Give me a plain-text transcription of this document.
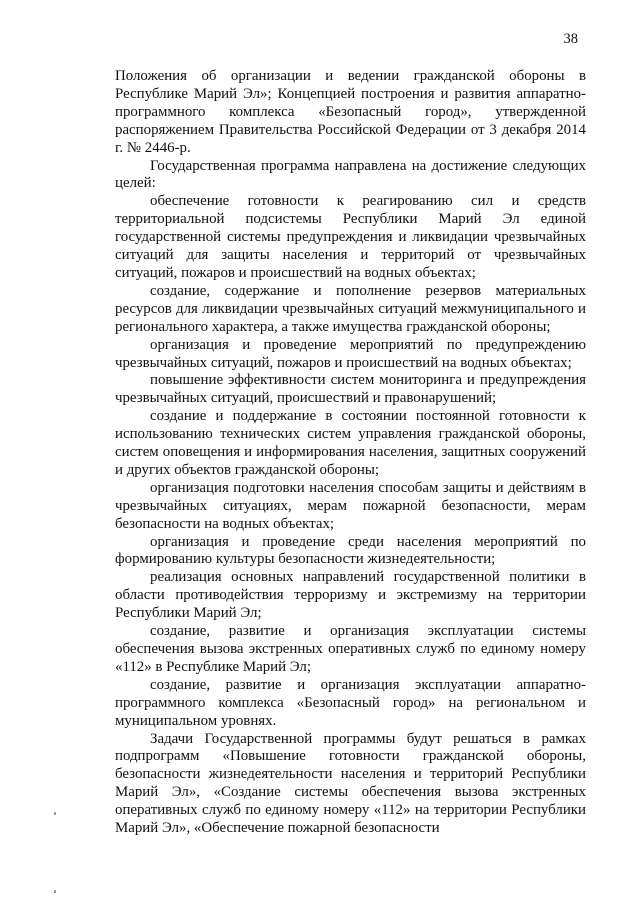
38

Положения об организации и ведении гражданской обороны в Республике Марий Эл»; Концепцией построения и развития аппаратно-программного комплекса «Безопасный город», утвержденной распоряжением Правительства Российской Федерации от 3 декабря 2014 г. № 2446-р.

Государственная программа направлена на достижение следующих целей:

обеспечение готовности к реагированию сил и средств территориальной подсистемы Республики Марий Эл единой государственной системы предупреждения и ликвидации чрезвычайных ситуаций для защиты населения и территорий от чрезвычайных ситуаций, пожаров и происшествий на водных объектах;

создание, содержание и пополнение резервов материальных ресурсов для ликвидации чрезвычайных ситуаций межмуниципального и регионального характера, а также имущества гражданской обороны;

организация и проведение мероприятий по предупреждению чрезвычайных ситуаций, пожаров и происшествий на водных объектах;

повышение эффективности систем мониторинга и предупреждения чрезвычайных ситуаций, происшествий и правонарушений;

создание и поддержание в состоянии постоянной готовности к использованию технических систем управления гражданской обороны, систем оповещения и информирования населения, защитных сооружений и других объектов гражданской обороны;

организация подготовки населения способам защиты и действиям в чрезвычайных ситуациях, мерам пожарной безопасности, мерам безопасности на водных объектах;

организация и проведение среди населения мероприятий по формированию культуры безопасности жизнедеятельности;

реализация основных направлений государственной политики в области противодействия терроризму и экстремизму на территории Республики Марий Эл;

создание, развитие и организация эксплуатации системы обеспечения вызова экстренных оперативных служб по единому номеру «112» в Республике Марий Эл;

создание, развитие и организация эксплуатации аппаратно-программного комплекса «Безопасный город» на региональном и муниципальном уровнях.

Задачи Государственной программы будут решаться в рамках подпрограмм «Повышение готовности гражданской обороны, безопасности жизнедеятельности населения и территорий Республики Марий Эл», «Создание системы обеспечения вызова экстренных оперативных служб по единому номеру «112» на территории Республики Марий Эл», «Обеспечение пожарной безопасности
